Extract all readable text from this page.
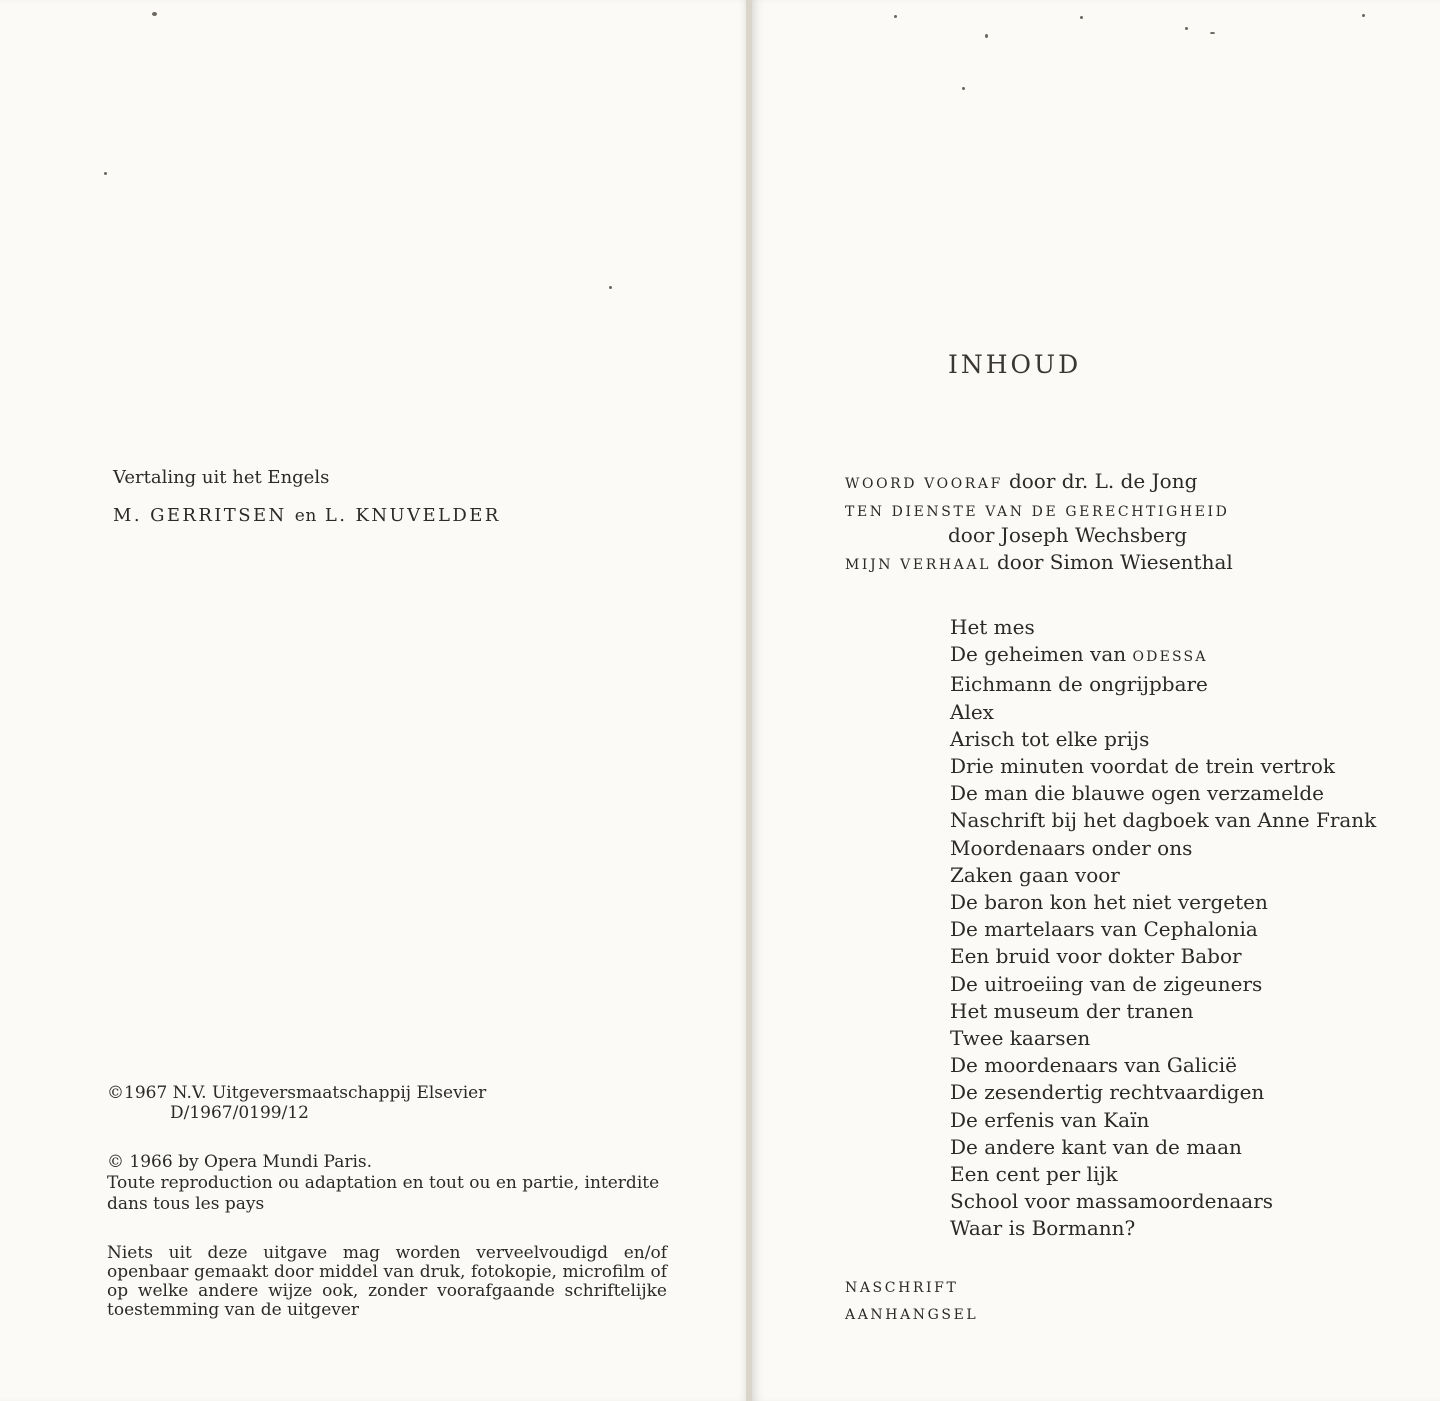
Vertaling uit het Engels
M. GERRITSEN en L. KNUVELDER
©1967 N.V. Uitgeversmaatschappij Elsevier
D/1967/0199/12
© 1966 by Opera Mundi Paris.
Toute reproduction ou adaptation en tout ou en partie, interdite
dans tous les pays
Niets uit deze uitgave mag worden verveelvoudigd en/of openbaar gemaakt door middel van druk, fotokopie, microfilm of op welke andere wijze ook, zonder voorafgaande schriftelijke toestemming van de uitgever
INHOUD
WOORD VOORAF door dr. L. de Jong
TEN DIENSTE VAN DE GERECHTIGHEID
door Joseph Wechsberg
MIJN VERHAAL door Simon Wiesenthal
Het mes
De geheimen van ODESSA
Eichmann de ongrijpbare
Alex
Arisch tot elke prijs
Drie minuten voordat de trein vertrok
De man die blauwe ogen verzamelde
Naschrift bij het dagboek van Anne Frank
Moordenaars onder ons
Zaken gaan voor
De baron kon het niet vergeten
De martelaars van Cephalonia
Een bruid voor dokter Babor
De uitroeiing van de zigeuners
Het museum der tranen
Twee kaarsen
De moordenaars van Galicië
De zesendertig rechtvaardigen
De erfenis van Kaïn
De andere kant van de maan
Een cent per lijk
School voor massamoordenaars
Waar is Bormann?
NASCHRIFT
AANHANGSEL
